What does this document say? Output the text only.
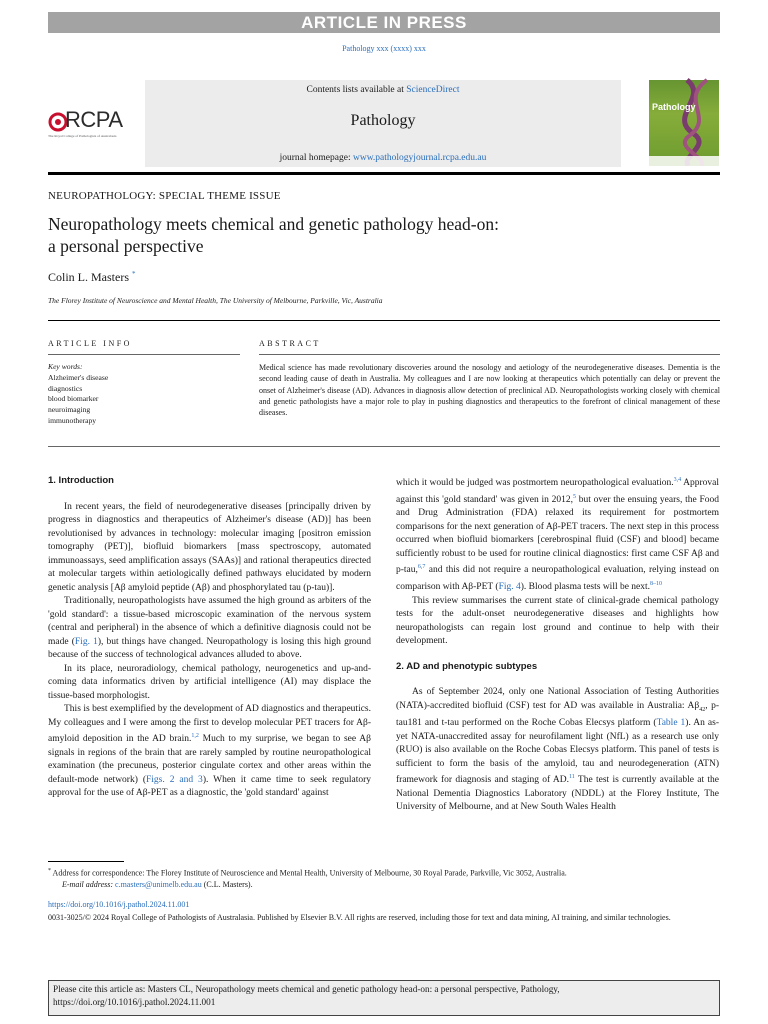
ARTICLE IN PRESS
Pathology xxx (xxxx) xxx
RCPA
The Royal College of Pathologists of Australasia
Contents lists available at ScienceDirect
Pathology
journal homepage: www.pathologyjournal.rcpa.edu.au
Pathology
NEUROPATHOLOGY: SPECIAL THEME ISSUE
Neuropathology meets chemical and genetic pathology head-on:
a personal perspective
Colin L. Masters *
The Florey Institute of Neuroscience and Mental Health, The University of Melbourne, Parkville, Vic, Australia
ARTICLE INFO	ABSTRACT
Key words:
Alzheimer's disease
diagnostics
blood biomarker
neuroimaging
immunotherapy
Medical science has made revolutionary discoveries around the nosology and aetiology of the neurodegenerative diseases. Dementia is the second leading cause of death in Australia. My colleagues and I are now looking at therapeutics which potentially can delay or prevent the onset of Alzheimer's disease (AD). Advances in diagnosis allow detection of preclinical AD. Neuropathologists working closely with chemical and genetic pathologists have a major role to play in pushing diagnostics and therapeutics to the forefront of clinical management of these diseases.
1. Introduction

In recent years, the field of neurodegenerative diseases [principally driven by progress in diagnostics and therapeutics of Alzheimer's disease (AD)] has been revolutionised by advances in technology: molecular imaging [positron emission tomography (PET)], biofluid biomarkers [mass spectroscopy, automated immunoassays, seed amplification assays (SAAs)] and rational therapeutics directed at molecular targets within aetiologically defined pathways elucidated by modern genetic analysis [Aβ amyloid peptide (Aβ) and phosphorylated tau (p-tau)].

Traditionally, neuropathologists have assumed the high ground as arbiters of the 'gold standard': a tissue-based microscopic examination of the nervous system (central and peripheral) in the absence of which a definitive diagnosis could not be made (Fig. 1), but things have changed. Neuropathology is losing this high ground because of the success of technological advances alluded to above.

In its place, neuroradiology, chemical pathology, neurogenetics and up-and-coming data informatics driven by artificial intelligence (AI) may displace the tissue-based morphologist.

This is best exemplified by the development of AD diagnostics and therapeutics. My colleagues and I were among the first to develop molecular PET tracers for Aβ-amyloid deposition in the AD brain.$^{1,2}$ Much to my surprise, we began to see Aβ signals in regions of the brain that are rarely sampled by routine neuropathological examination (the precuneus, posterior cingulate cortex and other areas within the default-mode network) (Figs. 2 and 3). When it came time to seek regulatory approval for the use of Aβ-PET as a diagnostic, the 'gold standard' against

which it would be judged was postmortem neuropathological evaluation.$^{3,4}$ Approval against this 'gold standard' was given in 2012,$^5$ but over the ensuing years, the Food and Drug Administration (FDA) relaxed its requirement for postmortem comparisons for the next generation of Aβ-PET tracers. The next step in this process occurred when biofluid biomarkers [cerebrospinal fluid (CSF) and blood] became sufficiently robust to be used for routine clinical diagnostics: first came CSF Aβ and p-tau,$^{6,7}$ and this did not require a neuropathological evaluation, relying instead on comparison with Aβ-PET (Fig. 4). Blood plasma tests will be next.$^{8-10}$

This review summarises the current state of clinical-grade chemical pathology tests for the adult-onset neurodegenerative diseases and highlights how neuropathologists can regain lost ground and continue to help with their development.

2. AD and phenotypic subtypes

As of September 2024, only one National Association of Testing Authorities (NATA)-accredited biofluid (CSF) test for AD was available in Australia: $A\beta_{42}$, p-tau181 and t-tau performed on the Roche Cobas Elecsys platform (Table 1). An as-yet NATA-unaccredited assay for neurofilament light (NfL) as a research use only (RUO) is also available on the Roche Cobas Elecsys platform. This panel of tests is sufficient to form the basis of the amyloid, tau and neurodegeneration (ATN) framework for diagnosis and staging of AD.$^{11}$ The test is currently available at the National Dementia Diagnostics Laboratory (NDDL) at the Florey Institute, The University of Melbourne, and at New South Wales Health

* Address for correspondence: The Florey Institute of Neuroscience and Mental Health, University of Melbourne, 30 Royal Parade, Parkville, Vic 3052, Australia.
E-mail address: c.masters@unimelb.edu.au (C.L. Masters).
https://doi.org/10.1016/j.pathol.2024.11.001
0031-3025/© 2024 Royal College of Pathologists of Australasia. Published by Elsevier B.V. All rights are reserved, including those for text and data mining, AI training, and similar technologies.
Please cite this article as: Masters CL, Neuropathology meets chemical and genetic pathology head-on: a personal perspective, Pathology, https://doi.org/10.1016/j.pathol.2024.11.001
